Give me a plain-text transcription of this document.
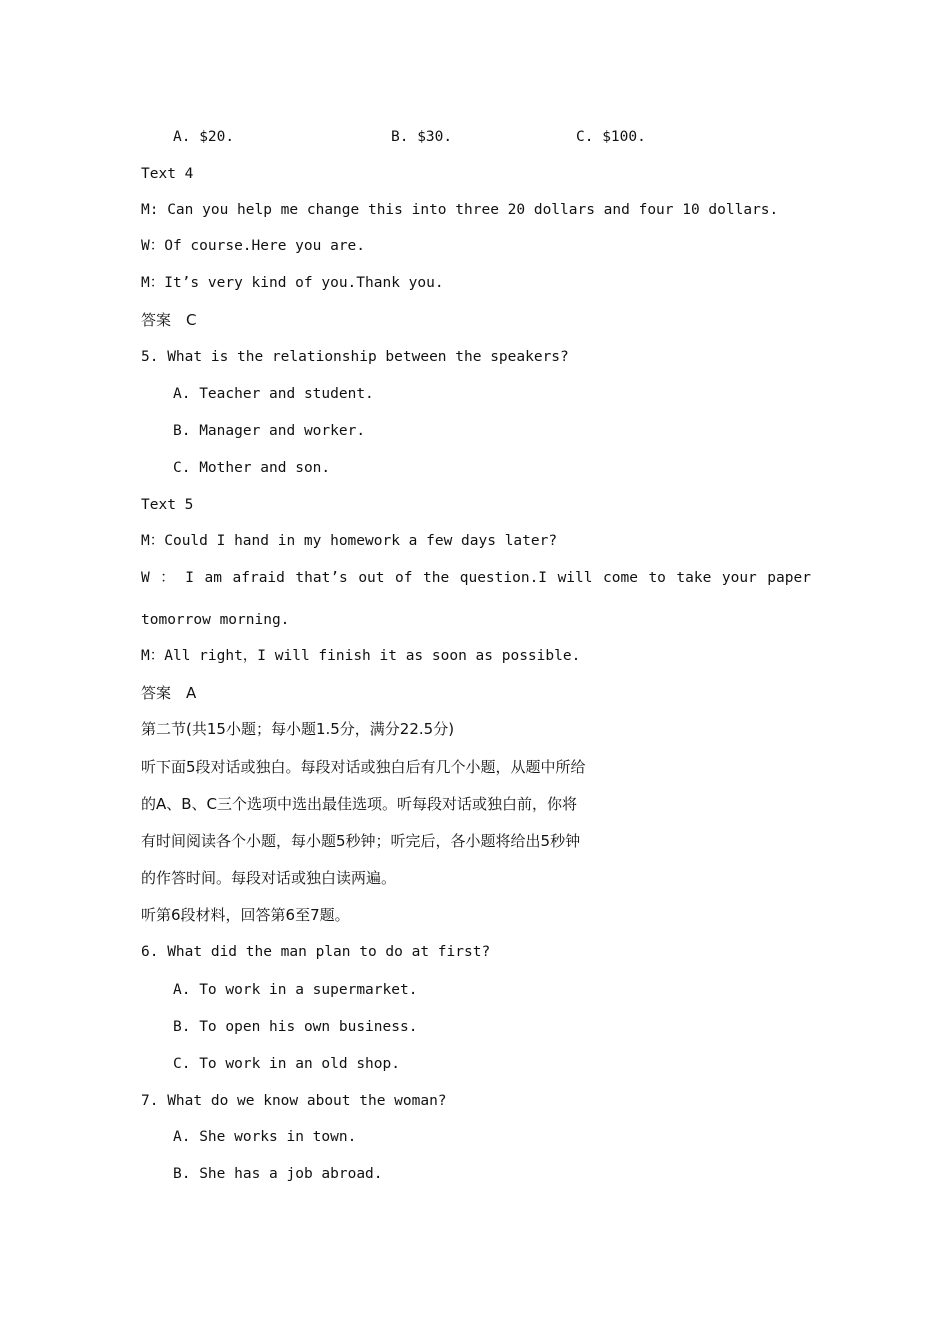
A. $20.	B. $30.	C. $100.
Text 4
M: Can you help me change this into three 20 dollars and four 10 dollars.
W：Of course.Here you are.
M：It’s very kind of you.Thank you.
答案　C
5. What is the relationship between the speakers?
A. Teacher and student.
B. Manager and worker.
C. Mother and son.
Text 5
M：Could I hand in my homework a few days later?
W ： I am afraid that’s out of the question.I will come to take your paper
tomorrow morning.
M：All right，I will finish it as soon as possible.
答案　A
第二节(共15小题；每小题1.5分，满分22.5分)
听下面5段对话或独白。每段对话或独白后有几个小题，从题中所给
的A、B、C三个选项中选出最佳选项。听每段对话或独白前，你将
有时间阅读各个小题，每小题5秒钟；听完后，各小题将给出5秒钟
的作答时间。每段对话或独白读两遍。
听第6段材料，回答第6至7题。
6. What did the man plan to do at first?
A. To work in a supermarket.
B. To open his own business.
C. To work in an old shop.
7. What do we know about the woman?
A. She works in town.
B. She has a job abroad.
